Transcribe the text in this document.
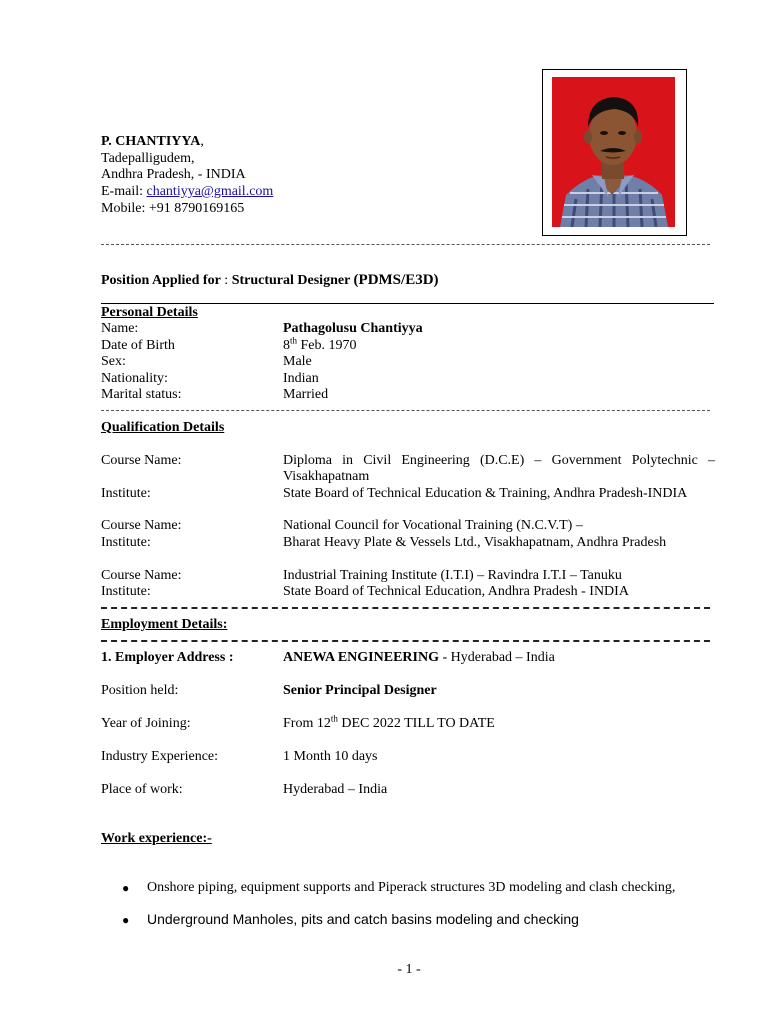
P. CHANTIYYA,
Tadepalligudem,
Andhra Pradesh, - INDIA
E-mail: chantiyya@gmail.com
Mobile: +91 8790169165
Position Applied for : Structural Designer (PDMS/E3D)
Personal Details
Name:	Pathagolusu Chantiyya
Date of Birth	8th Feb. 1970
Sex:	Male
Nationality:	Indian
Marital status:	Married
Qualification Details
Course Name:	Diploma in Civil Engineering (D.C.E) – Government Polytechnic –
Visakhapatnam
Institute:	State Board of Technical Education & Training, Andhra Pradesh-INDIA
Course Name:	National Council for Vocational Training (N.C.V.T) –
Institute:	Bharat Heavy Plate & Vessels Ltd., Visakhapatnam, Andhra Pradesh
Course Name:	Industrial Training Institute (I.T.I) – Ravindra I.T.I – Tanuku
Institute:	State Board of Technical Education, Andhra Pradesh - INDIA
Employment Details:
1. Employer Address :	ANEWA ENGINEERING - Hyderabad – India
Position held:	Senior Principal Designer
Year of Joining:	From 12th DEC 2022 TILL TO DATE
Industry Experience:	1 Month 10 days
Place of work:	Hyderabad – India
Work experience:-
● Onshore piping, equipment supports and Piperack structures 3D modeling and clash checking,
● Underground Manholes, pits and catch basins modeling and checking
- 1 -
